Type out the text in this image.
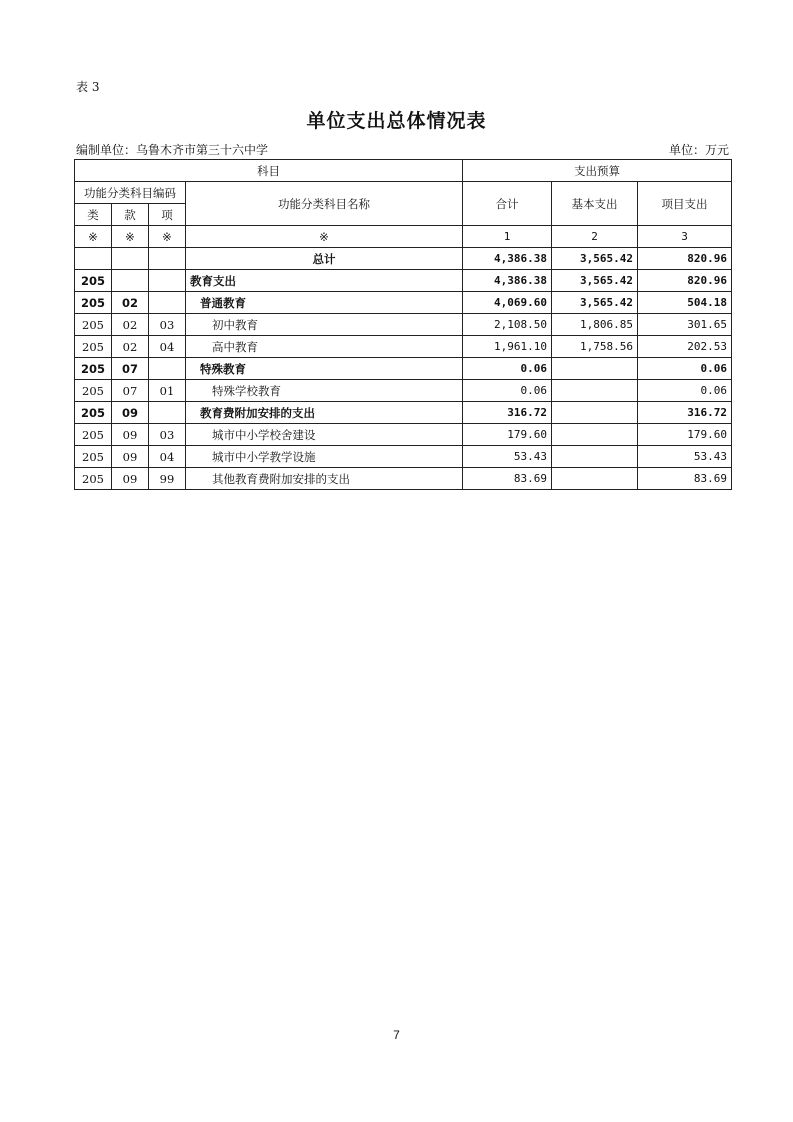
表 3
单位支出总体情况表
编制单位：乌鲁木齐市第三十六中学	单位：万元
科目				支出预算		
功能分类科目编码			功能分类科目名称	合计	基本支出	项目支出
类	款	项				
※	※	※	※	1	2	3
			总计	4,386.38	3,565.42	820.96
205			教育支出	4,386.38	3,565.42	820.96
205	02		普通教育	4,069.60	3,565.42	504.18
205	02	03	初中教育	2,108.50	1,806.85	301.65
205	02	04	高中教育	1,961.10	1,758.56	202.53
205	07		特殊教育	0.06		0.06
205	07	01	特殊学校教育	0.06		0.06
205	09		教育费附加安排的支出	316.72		316.72
205	09	03	城市中小学校舍建设	179.60		179.60
205	09	04	城市中小学教学设施	53.43		53.43
205	09	99	其他教育费附加安排的支出	83.69		83.69
7
